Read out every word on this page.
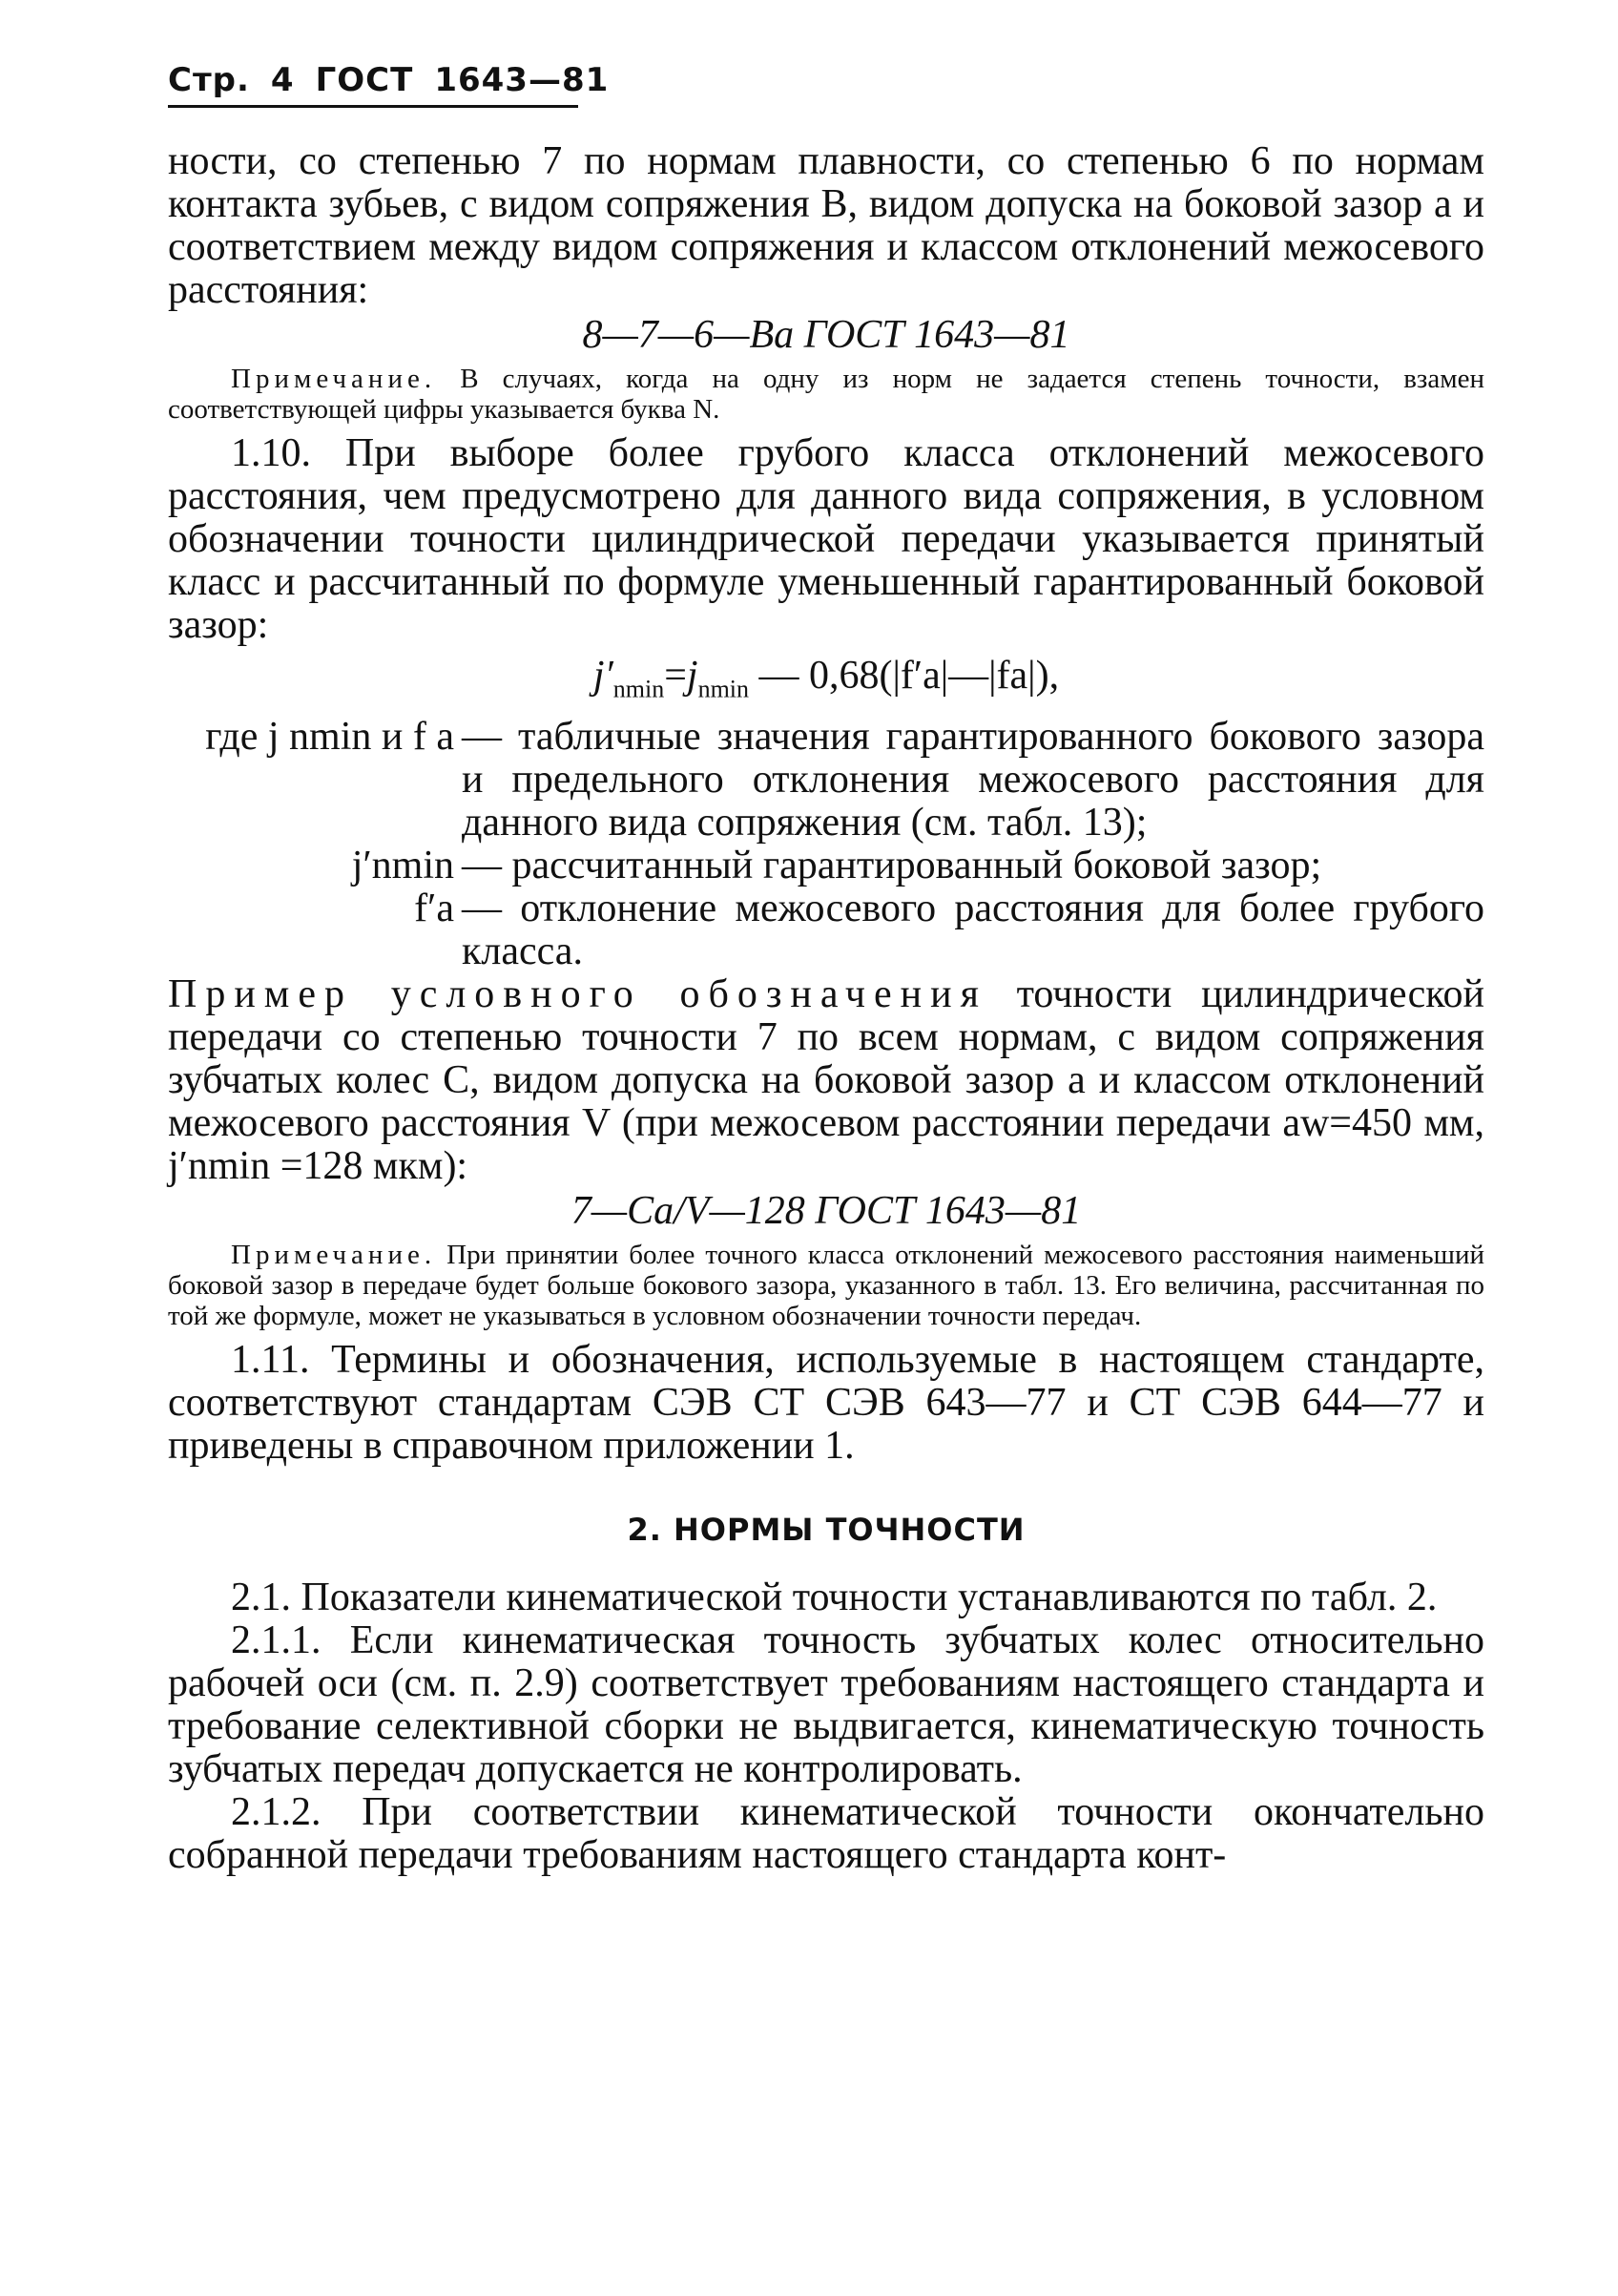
Стр. 4 ГОСТ 1643—81

ности, со степенью 7 по нормам плавности, со степенью 6 по нормам контакта зубьев, с видом сопряжения В, видом допуска на боковой зазор а и соответствием между видом сопряжения и классом отклонений межосевого расстояния:

8—7—6—Ва ГОСТ 1643—81

Примечание. В случаях, когда на одну из норм не задается степень точности, взамен соответствующей цифры указывается буква N.

1.10. При выборе более грубого класса отклонений межосевого расстояния, чем предусмотрено для данного вида сопряжения, в условном обозначении точности цилиндрической передачи указывается принятый класс и рассчитанный по формуле уменьшенный гарантированный боковой зазор:

$j'_{nmin}=j_{nmin}$ — 0,68(|f′a|—|fa|),
где j nmin и f a	— табличные значения гарантированного бокового зазора и предельного отклонения межосевого расстояния для данного вида сопряжения (см. табл. 13);
j′nmin	— рассчитанный гарантированный боковой зазор;
f′a	— отклонение межосевого расстояния для более грубого класса.

Пример условного обозначения точности цилиндрической передачи со степенью точности 7 по всем нормам, с видом сопряжения зубчатых колес С, видом допуска на боковой зазор а и классом отклонений межосевого расстояния V (при межосевом расстоянии передачи aw=450 мм, j′nmin =128 мкм):

7—Ca/V—128 ГОСТ 1643—81

Примечание. При принятии более точного класса отклонений межосевого расстояния наименьший боковой зазор в передаче будет больше бокового зазора, указанного в табл. 13. Его величина, рассчитанная по той же формуле, может не указываться в условном обозначении точности передач.

1.11. Термины и обозначения, используемые в настоящем стандарте, соответствуют стандартам СЭВ СТ СЭВ 643—77 и СТ СЭВ 644—77 и приведены в справочном приложении 1.

2. НОРМЫ ТОЧНОСТИ

2.1. Показатели кинематической точности устанавливаются по табл. 2.

2.1.1. Если кинематическая точность зубчатых колес относительно рабочей оси (см. п. 2.9) соответствует требованиям настоящего стандарта и требование селективной сборки не выдвигается, кинематическую точность зубчатых передач допускается не контролировать.

2.1.2. При соответствии кинематической точности окончательно собранной передачи требованиям настоящего стандарта конт-
